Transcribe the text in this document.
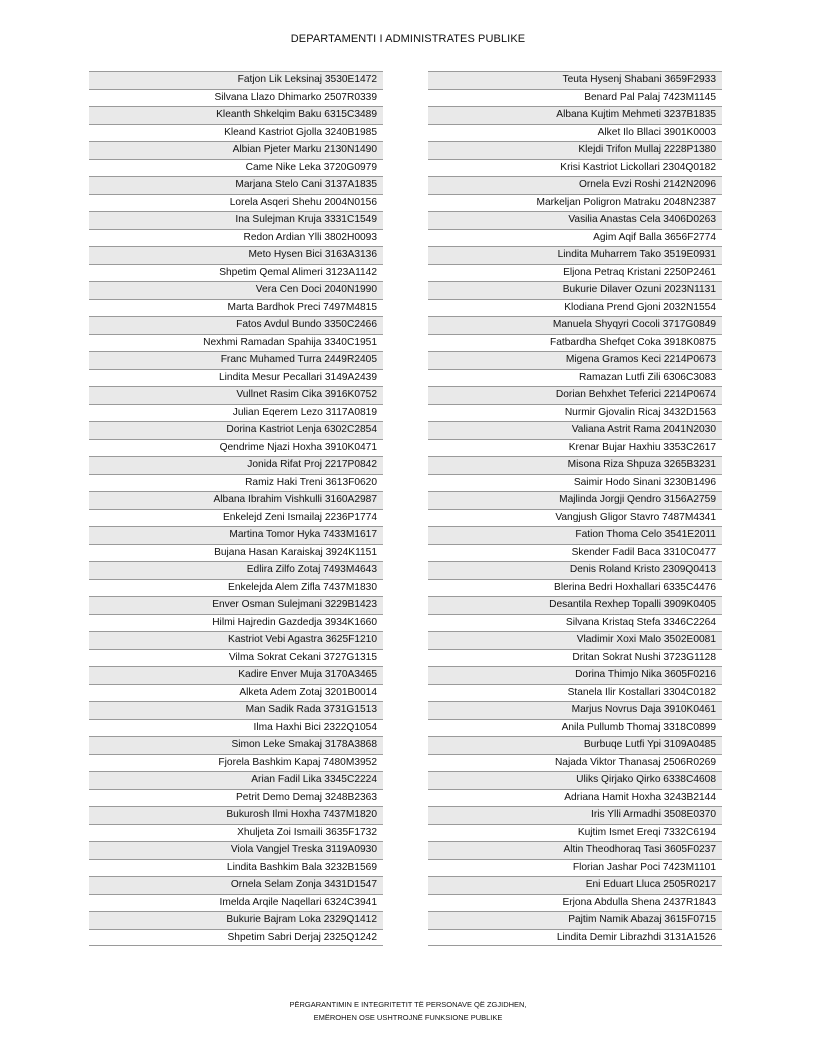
DEPARTAMENTI I ADMINISTRATES PUBLIKE
Fatjon Lik Leksinaj 3530E1472
Silvana Llazo Dhimarko 2507R0339
Kleanth Shkelqim Baku 6315C3489
Kleand Kastriot Gjolla 3240B1985
Albian Pjeter Marku 2130N1490
Came Nike Leka 3720G0979
Marjana Stelo Cani 3137A1835
Lorela Asqeri Shehu 2004N0156
Ina Sulejman Kruja 3331C1549
Redon Ardian Ylli 3802H0093
Meto Hysen Bici 3163A3136
Shpetim Qemal Alimeri 3123A1142
Vera Cen Doci 2040N1990
Marta Bardhok Preci 7497M4815
Fatos Avdul Bundo 3350C2466
Nexhmi Ramadan Spahija 3340C1951
Franc Muhamed Turra 2449R2405
Lindita Mesur Pecallari 3149A2439
Vullnet Rasim Cika 3916K0752
Julian Eqerem Lezo 3117A0819
Dorina Kastriot Lenja 6302C2854
Qendrime Njazi Hoxha 3910K0471
Jonida Rifat Proj 2217P0842
Ramiz Haki Treni 3613F0620
Albana Ibrahim Vishkulli 3160A2987
Enkelejd Zeni Ismailaj 2236P1774
Martina Tomor Hyka 7433M1617
Bujana Hasan Karaiskaj 3924K1151
Edlira Zilfo Zotaj 7493M4643
Enkelejda Alem Zifla 7437M1830
Enver Osman Sulejmani 3229B1423
Hilmi Hajredin Gazdedja 3934K1660
Kastriot Vebi Agastra 3625F1210
Vilma Sokrat Cekani 3727G1315
Kadire Enver Muja 3170A3465
Alketa Adem Zotaj 3201B0014
Man Sadik Rada 3731G1513
Ilma Haxhi Bici 2322Q1054
Simon Leke Smakaj 3178A3868
Fjorela Bashkim Kapaj 7480M3952
Arian Fadil Lika 3345C2224
Petrit Demo Demaj 3248B2363
Bukurosh Ilmi Hoxha 7437M1820
Xhuljeta Zoi Ismaili 3635F1732
Viola Vangjel Treska 3119A0930
Lindita Bashkim Bala 3232B1569
Ornela Selam Zonja 3431D1547
Imelda Arqile Naqellari 6324C3941
Bukurie Bajram Loka 2329Q1412
Shpetim Sabri Derjaj 2325Q1242
Teuta Hysenj Shabani 3659F2933
Benard Pal Palaj 7423M1145
Albana Kujtim Mehmeti 3237B1835
Alket Ilo Bllaci 3901K0003
Klejdi Trifon Mullaj 2228P1380
Krisi Kastriot Lickollari 2304Q0182
Ornela Evzi Roshi 2142N2096
Markeljan Poligron Matraku 2048N2387
Vasilia Anastas Cela 3406D0263
Agim Aqif Balla 3656F2774
Lindita Muharrem Tako 3519E0931
Eljona Petraq Kristani 2250P2461
Bukurie Dilaver Ozuni 2023N1131
Klodiana Prend Gjoni 2032N1554
Manuela Shyqyri Cocoli 3717G0849
Fatbardha Shefqet Coka 3918K0875
Migena Gramos Keci 2214P0673
Ramazan Lutfi Zili 6306C3083
Dorian Behxhet Teferici 2214P0674
Nurmir Gjovalin Ricaj 3432D1563
Valiana Astrit Rama 2041N2030
Krenar Bujar Haxhiu 3353C2617
Misona Riza Shpuza 3265B3231
Saimir Hodo Sinani 3230B1496
Majlinda Jorgji Qendro 3156A2759
Vangjush Gligor Stavro 7487M4341
Fation Thoma Celo 3541E2011
Skender Fadil Baca 3310C0477
Denis Roland Kristo 2309Q0413
Blerina Bedri Hoxhallari 6335C4476
Desantila Rexhep Topalli 3909K0405
Silvana Kristaq Stefa 3346C2264
Vladimir Xoxi Malo 3502E0081
Dritan Sokrat Nushi 3723G1128
Dorina Thimjo Nika 3605F0216
Stanela Ilir Kostallari 3304C0182
Marjus Novrus Daja 3910K0461
Anila Pullumb Thomaj 3318C0899
Burbuqe Lutfi Ypi 3109A0485
Najada Viktor Thanasaj 2506R0269
Uliks Qirjako Qirko 6338C4608
Adriana Hamit Hoxha 3243B2144
Iris Ylli Armadhi 3508E0370
Kujtim Ismet Ereqi 7332C6194
Altin Theodhoraq Tasi 3605F0237
Florian Jashar Poci 7423M1101
Eni Eduart Lluca 2505R0217
Erjona Abdulla Shena 2437R1843
Pajtim Namik Abazaj 3615F0715
Lindita Demir Librazhdi 3131A1526
PËRGARANTIMIN E INTEGRITETIT TË PERSONAVE QË ZGJIDHEN,
EMËROHEN OSE USHTROJNË FUNKSIONE PUBLIKE
